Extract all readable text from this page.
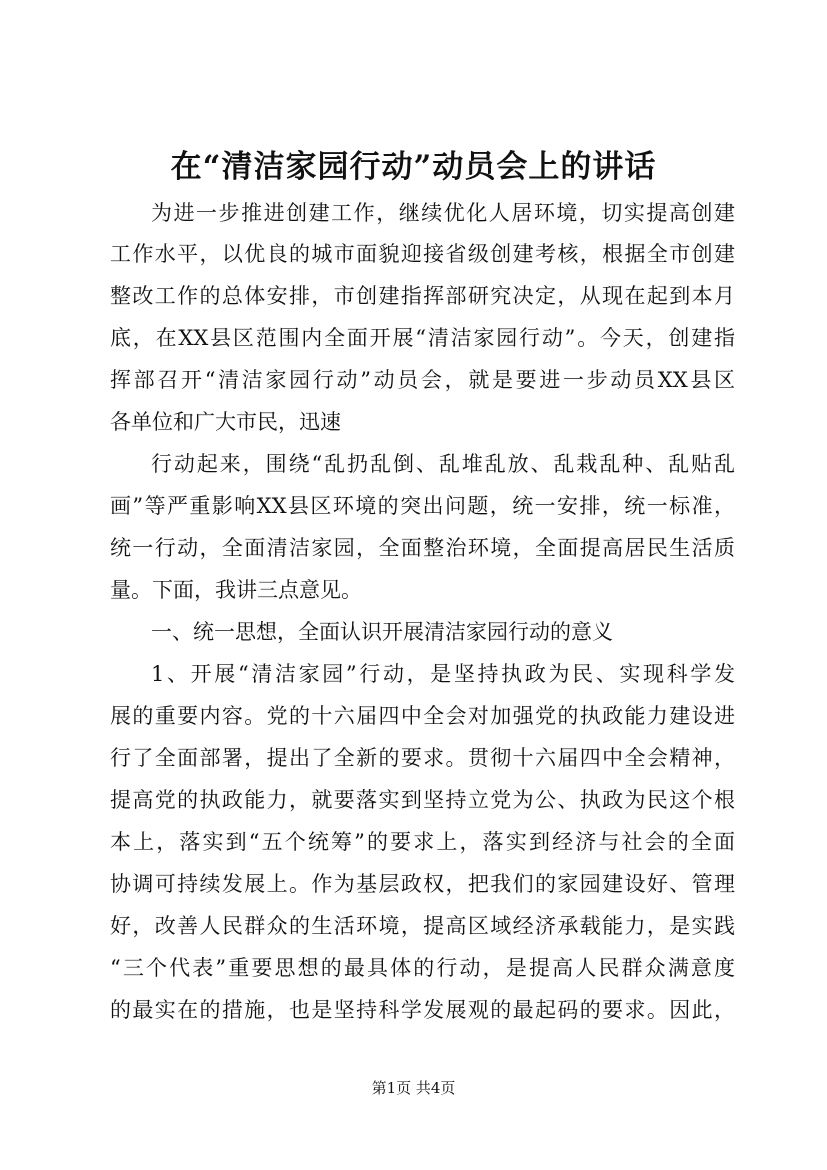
在“清洁家园行动”动员会上的讲话
为进一步推进创建工作，继续优化人居环境，切实提高创建
工作水平，以优良的城市面貌迎接省级创建考核，根据全市创建
整改工作的总体安排，市创建指挥部研究决定，从现在起到本月
底，在XX县区范围内全面开展“清洁家园行动”。今天，创建指
挥部召开“清洁家园行动”动员会，就是要进一步动员XX县区
各单位和广大市民，迅速
行动起来，围绕“乱扔乱倒、乱堆乱放、乱栽乱种、乱贴乱
画”等严重影响XX县区环境的突出问题，统一安排，统一标准，
统一行动，全面清洁家园，全面整治环境，全面提高居民生活质
量。下面，我讲三点意见。
一、统一思想，全面认识开展清洁家园行动的意义
1、开展“清洁家园”行动，是坚持执政为民、实现科学发
展的重要内容。党的十六届四中全会对加强党的执政能力建设进
行了全面部署，提出了全新的要求。贯彻十六届四中全会精神，
提高党的执政能力，就要落实到坚持立党为公、执政为民这个根
本上，落实到“五个统筹”的要求上，落实到经济与社会的全面
协调可持续发展上。作为基层政权，把我们的家园建设好、管理
好，改善人民群众的生活环境，提高区域经济承载能力，是实践
“三个代表”重要思想的最具体的行动，是提高人民群众满意度
的最实在的措施，也是坚持科学发展观的最起码的要求。因此，
第1页 共4页
